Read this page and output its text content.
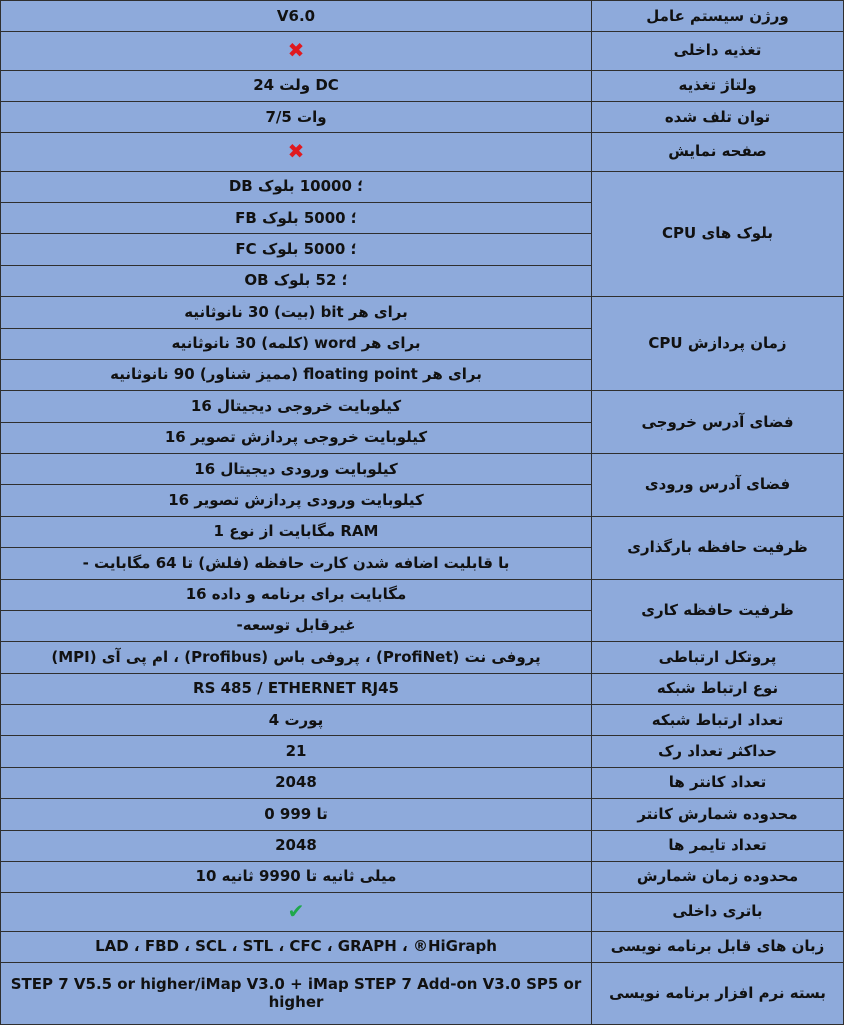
ورژن سیستم عامل	V6.0
تغذیه داخلی	✖
ولتاژ تغذیه	DC ولت 24
توان تلف شده	وات 7/5
صفحه نمایش	✖
بلوک های CPU	؛ 10000 بلوک DB
	؛ 5000 بلوک FB
	؛ 5000 بلوک FC
	؛ 52 بلوک OB
زمان پردازش CPU	برای هر bit (بیت) 30 نانوثانیه
	برای هر word (کلمه) 30 نانوثانیه
	برای هر floating point (ممیز شناور) 90 نانوثانیه
فضای آدرس خروجی	کیلوبایت خروجی دیجیتال 16
	کیلوبایت خروجی پردازش تصویر 16
فضای آدرس ورودی	کیلوبایت ورودی دیجیتال 16
	کیلوبایت ورودی پردازش تصویر 16
ظرفیت حافظه بارگذاری	RAM مگابایت از نوع 1
	با قابلیت اضافه شدن کارت حافظه (فلش) تا 64 مگابایت -
ظرفیت حافظه کاری	مگابایت برای برنامه و داده 16
	غیرقابل توسعه-
پروتکل ارتباطی	پروفی نت (ProfiNet) ، پروفی باس (Profibus) ، ام پی آی (MPI)
نوع ارتباط شبکه	RS 485 / ETHERNET RJ45
تعداد ارتباط شبکه	پورت 4
حداکثر تعداد رک	21
تعداد کانتر ها	2048
محدوده شمارش کانتر	تا 999 0
تعداد تایمر ها	2048
محدوده زمان شمارش	میلی ثانیه تا 9990 ثانیه 10
باتری داخلی	✔
زبان های قابل برنامه نویسی	LAD ، FBD ، SCL ، STL ، CFC ، GRAPH ، ®HiGraph
بسته نرم افزار برنامه نویسی	STEP 7 V5.5 or higher/iMap V3.0 + iMap STEP 7 Add-on V3.0 SP5 or higher
